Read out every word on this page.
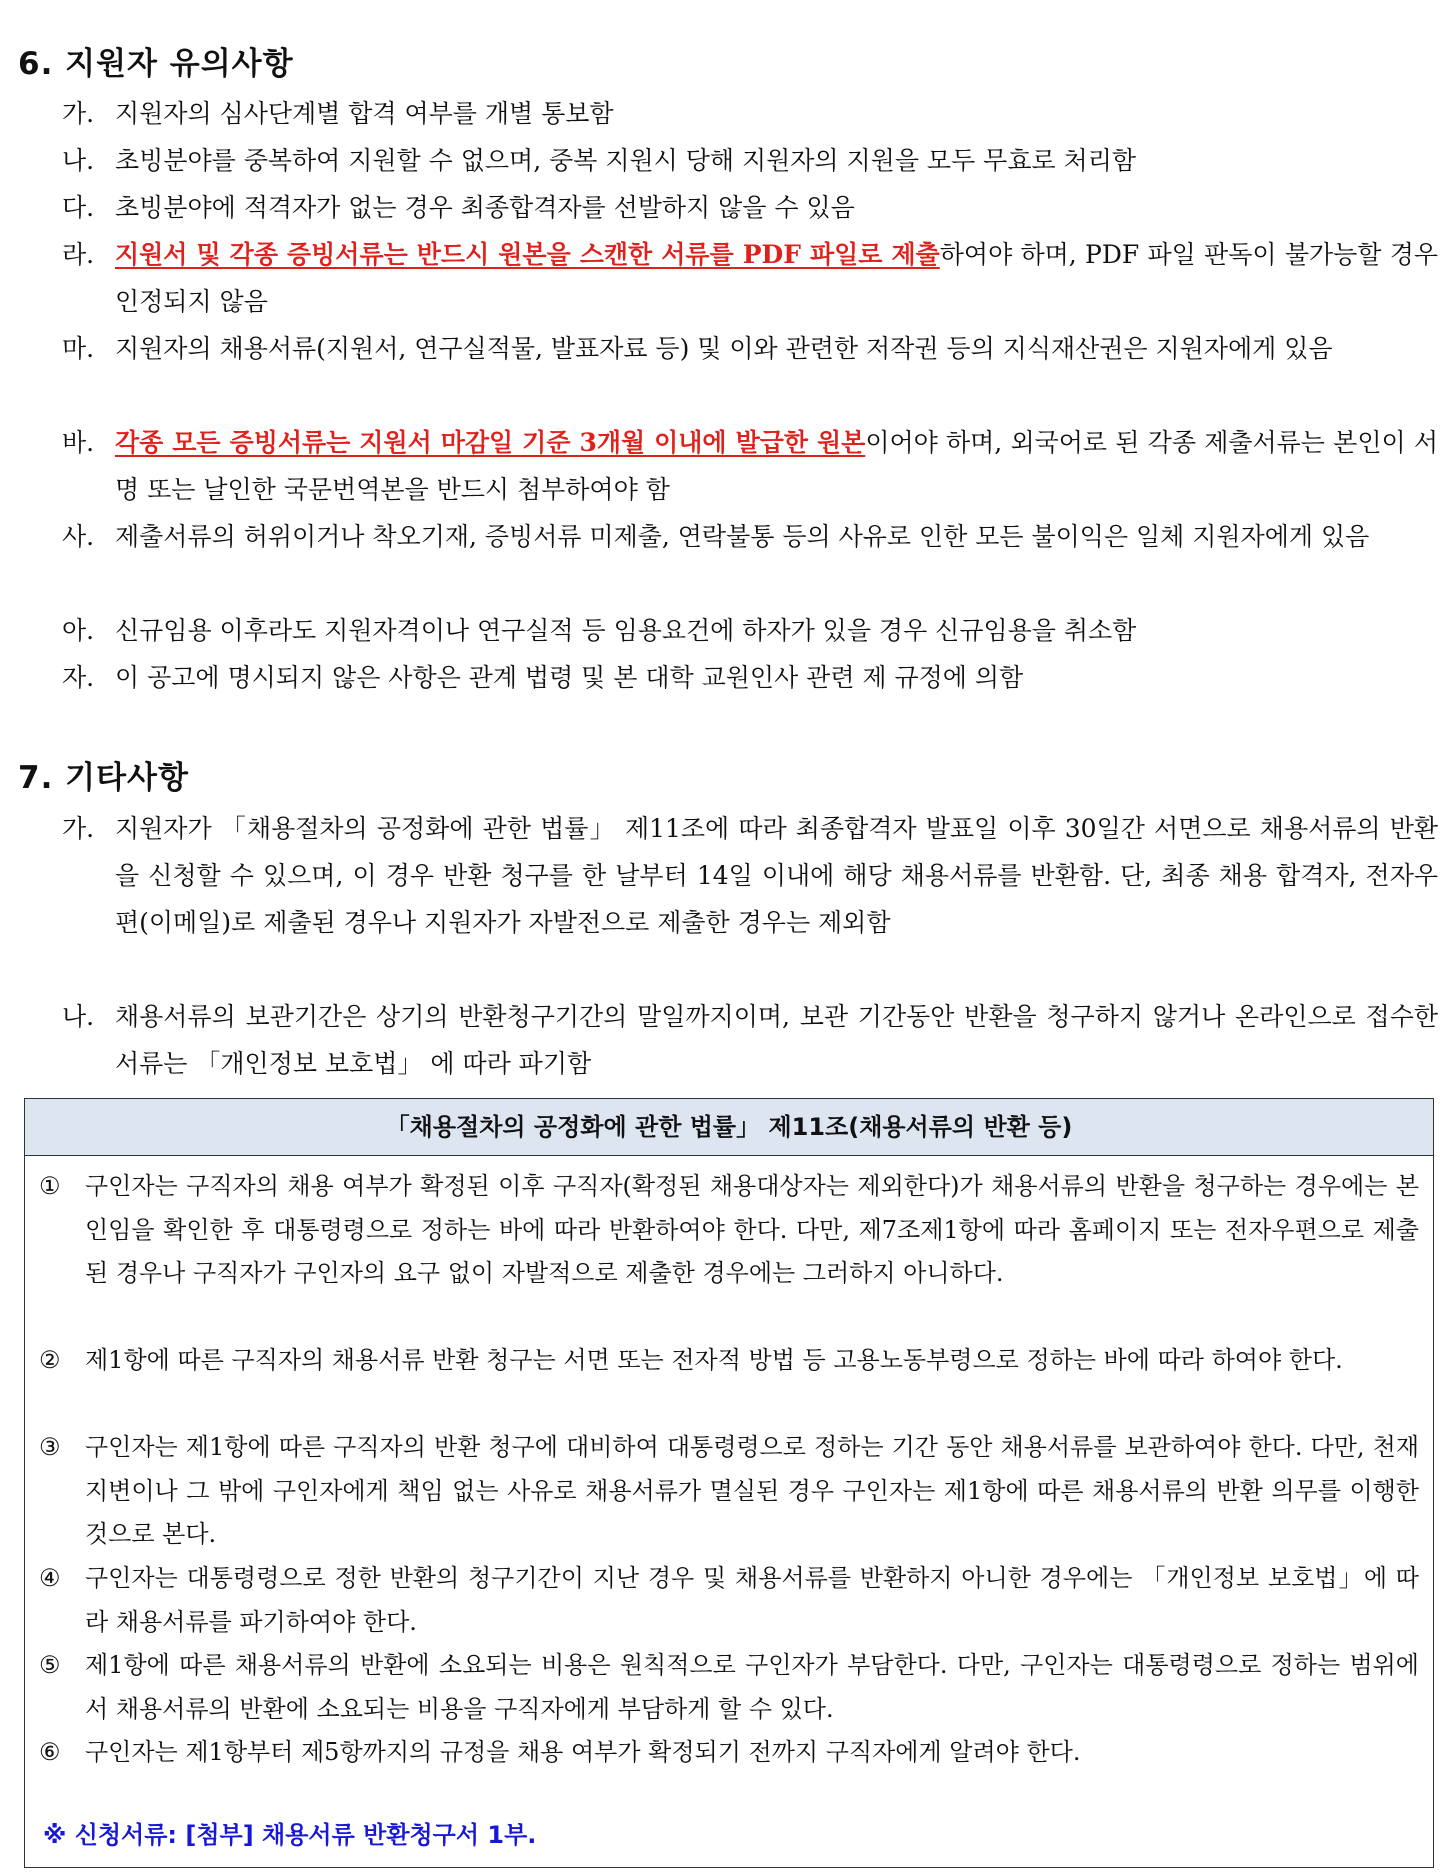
6. 지원자 유의사항
가. 지원자의 심사단계별 합격 여부를 개별 통보함
나. 초빙분야를 중복하여 지원할 수 없으며, 중복 지원시 당해 지원자의 지원을 모두 무효로 처리함
다. 초빙분야에 적격자가 없는 경우 최종합격자를 선발하지 않을 수 있음
라. 지원서 및 각종 증빙서류는 반드시 원본을 스캔한 서류를 PDF 파일로 제출하여야 하며, PDF 파일 판독이 불가능할 경우 인정되지 않음
마. 지원자의 채용서류(지원서, 연구실적물, 발표자료 등) 및 이와 관련한 저작권 등의 지식재산권은 지원자에게 있음
바. 각종 모든 증빙서류는 지원서 마감일 기준 3개월 이내에 발급한 원본이어야 하며, 외국어로 된 각종 제출서류는 본인이 서명 또는 날인한 국문번역본을 반드시 첨부하여야 함
사. 제출서류의 허위이거나 착오기재, 증빙서류 미제출, 연락불통 등의 사유로 인한 모든 불이익은 일체 지원자에게 있음
아. 신규임용 이후라도 지원자격이나 연구실적 등 임용요건에 하자가 있을 경우 신규임용을 취소함
자. 이 공고에 명시되지 않은 사항은 관계 법령 및 본 대학 교원인사 관련 제 규정에 의함
7. 기타사항
가. 지원자가 「채용절차의 공정화에 관한 법률」 제11조에 따라 최종합격자 발표일 이후 30일간 서면으로 채용서류의 반환을 신청할 수 있으며, 이 경우 반환 청구를 한 날부터 14일 이내에 해당 채용서류를 반환함. 단, 최종 채용 합격자, 전자우편(이메일)로 제출된 경우나 지원자가 자발전으로 제출한 경우는 제외함
나. 채용서류의 보관기간은 상기의 반환청구기간의 말일까지이며, 보관 기간동안 반환을 청구하지 않거나 온라인으로 접수한 서류는 「개인정보 보호법」 에 따라 파기함
「채용절차의 공정화에 관한 법률」 제11조(채용서류의 반환 등)
① 구인자는 구직자의 채용 여부가 확정된 이후 구직자(확정된 채용대상자는 제외한다)가 채용서류의 반환을 청구하는 경우에는 본인임을 확인한 후 대통령령으로 정하는 바에 따라 반환하여야 한다. 다만, 제7조제1항에 따라 홈페이지 또는 전자우편으로 제출된 경우나 구직자가 구인자의 요구 없이 자발적으로 제출한 경우에는 그러하지 아니하다.
② 제1항에 따른 구직자의 채용서류 반환 청구는 서면 또는 전자적 방법 등 고용노동부령으로 정하는 바에 따라 하여야 한다.
③ 구인자는 제1항에 따른 구직자의 반환 청구에 대비하여 대통령령으로 정하는 기간 동안 채용서류를 보관하여야 한다. 다만, 천재지변이나 그 밖에 구인자에게 책임 없는 사유로 채용서류가 멸실된 경우 구인자는 제1항에 따른 채용서류의 반환 의무를 이행한 것으로 본다.
④ 구인자는 대통령령으로 정한 반환의 청구기간이 지난 경우 및 채용서류를 반환하지 아니한 경우에는 「개인정보 보호법」에 따라 채용서류를 파기하여야 한다.
⑤ 제1항에 따른 채용서류의 반환에 소요되는 비용은 원칙적으로 구인자가 부담한다. 다만, 구인자는 대통령령으로 정하는 범위에서 채용서류의 반환에 소요되는 비용을 구직자에게 부담하게 할 수 있다.
⑥ 구인자는 제1항부터 제5항까지의 규정을 채용 여부가 확정되기 전까지 구직자에게 알려야 한다.
※ 신청서류: [첨부] 채용서류 반환청구서 1부.
